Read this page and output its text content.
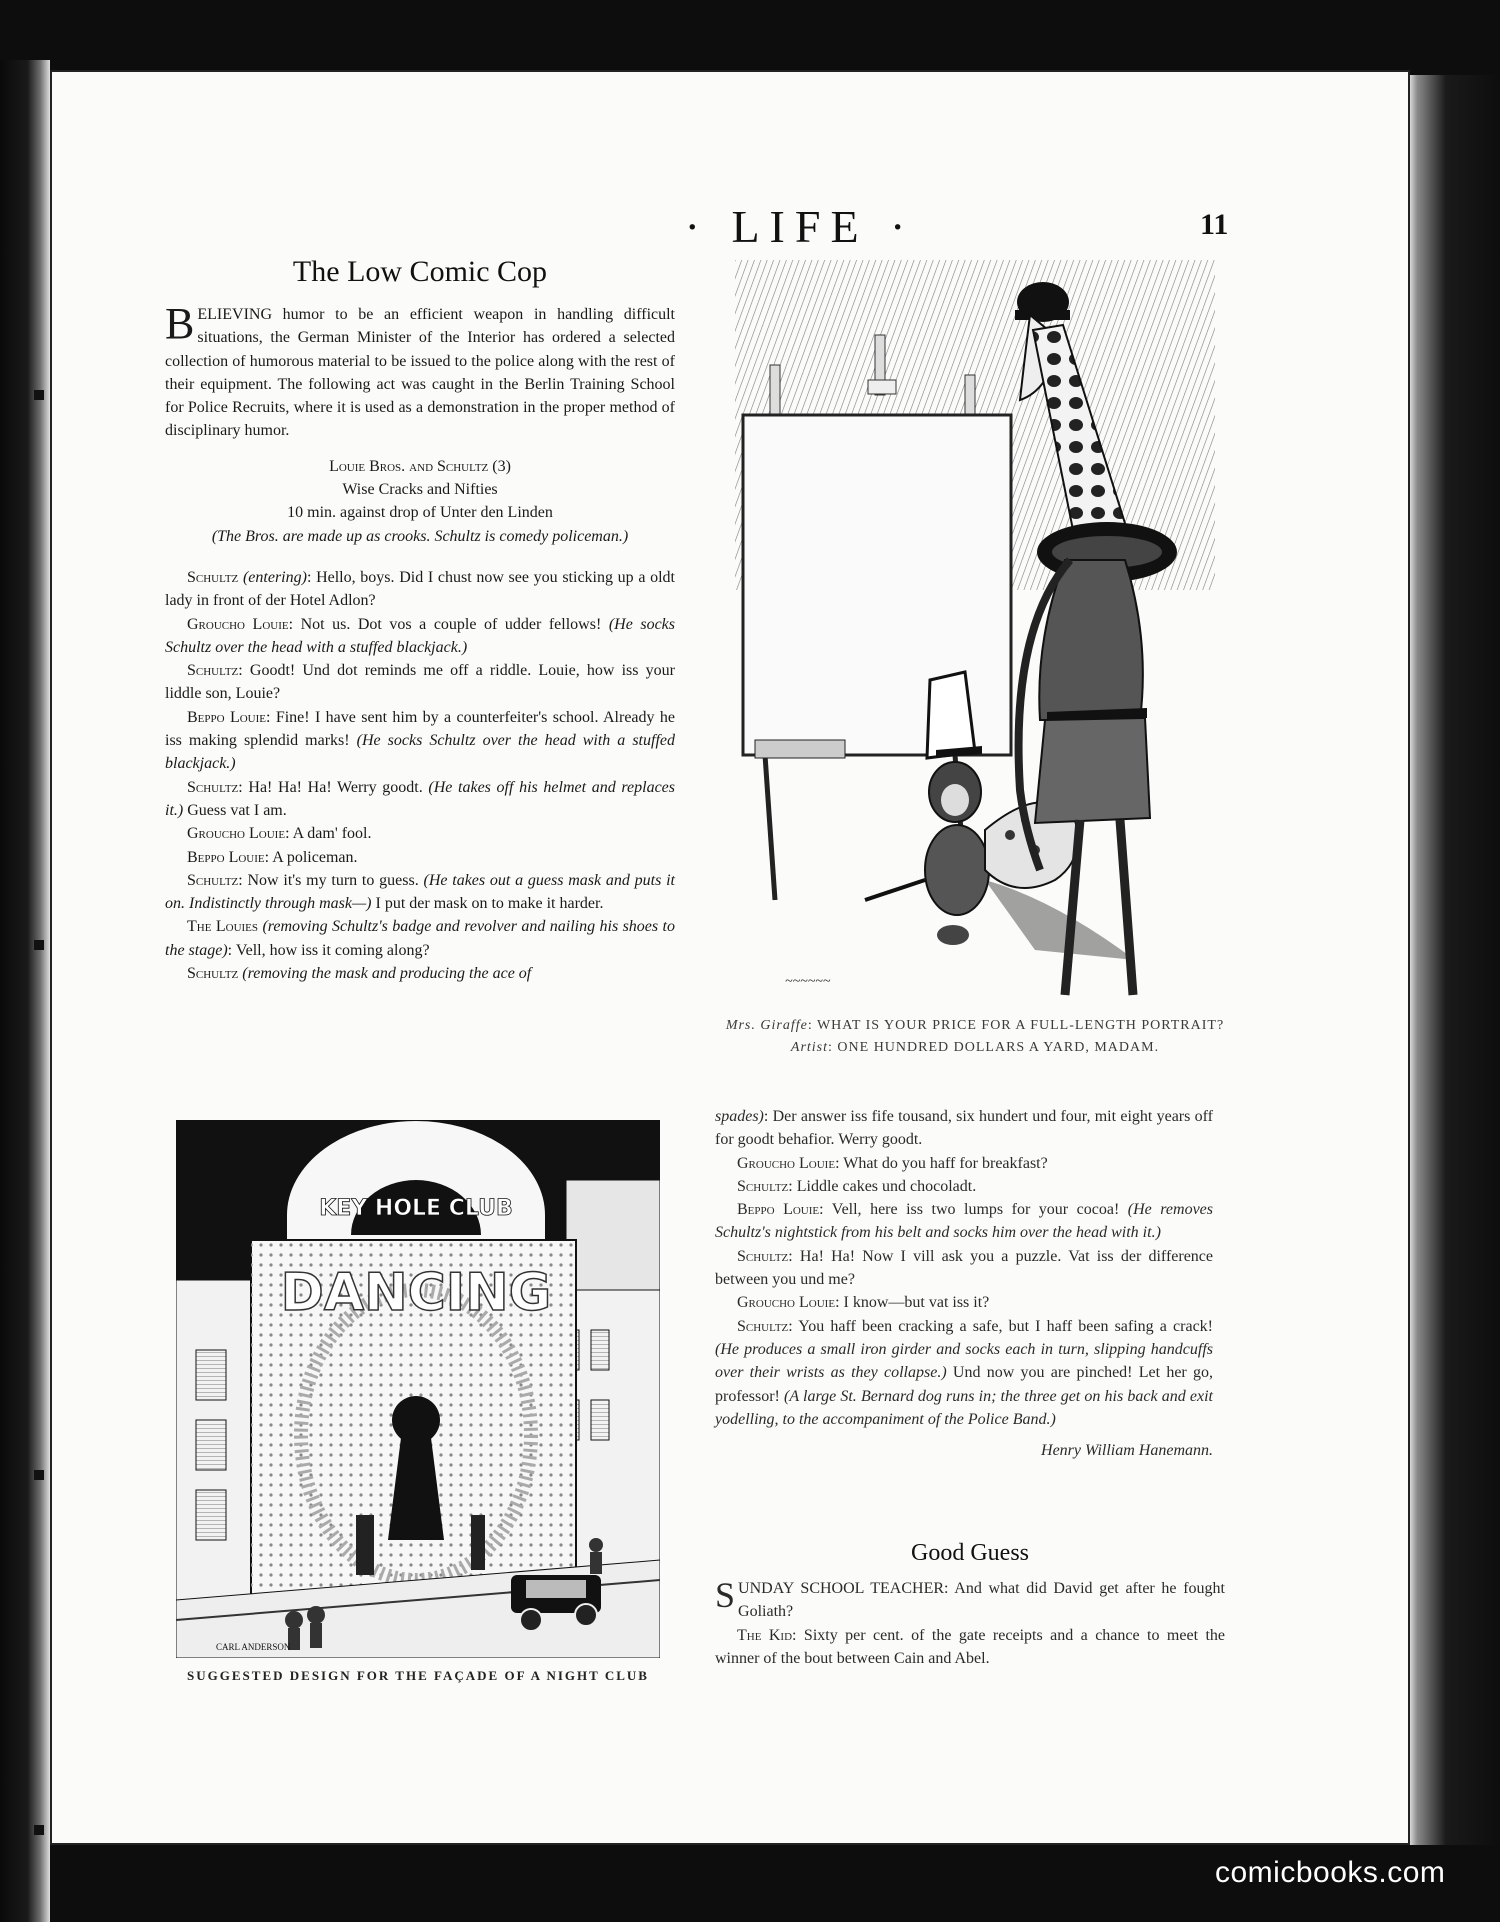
· LIFE ·	11
The Low Comic Cop

BELIEVING humor to be an efficient weapon in handling difficult situations, the German Minister of the Interior has ordered a selected collection of humorous material to be issued to the police along with the rest of their equipment. The following act was caught in the Berlin Training School for Police Recruits, where it is used as a demonstration in the proper method of disciplinary humor.

Louie Bros. and Schultz (3)
Wise Cracks and Nifties
10 min. against drop of Unter den Linden
(The Bros. are made up as crooks. Schultz is comedy policeman.)

Schultz (entering): Hello, boys. Did I chust now see you sticking up a oldt lady in front of der Hotel Adlon?

Groucho Louie: Not us. Dot vos a couple of udder fellows! (He socks Schultz over the head with a stuffed blackjack.)

Schultz: Goodt! Und dot reminds me off a riddle. Louie, how iss your liddle son, Louie?

Beppo Louie: Fine! I have sent him by a counterfeiter's school. Already he iss making splendid marks! (He socks Schultz over the head with a stuffed blackjack.)

Schultz: Ha! Ha! Ha! Werry goodt. (He takes off his helmet and replaces it.) Guess vat I am.

Groucho Louie: A dam' fool.

Beppo Louie: A policeman.

Schultz: Now it's my turn to guess. (He takes out a guess mask and puts it on. Indistinctly through mask—) I put der mask on to make it harder.

The Louies (removing Schultz's badge and revolver and nailing his shoes to the stage): Vell, how iss it coming along?

Schultz (removing the mask and producing the ace of	~~~~~~
Mrs. Giraffe: WHAT IS YOUR PRICE FOR A FULL-LENGTH PORTRAIT?
Artist: ONE HUNDRED DOLLARS A YARD, MADAM.
KEY HOLE CLUB
DANCING
CARL ANDERSON
SUGGESTED DESIGN FOR THE FAÇADE OF A NIGHT CLUB

spades): Der answer iss fife tousand, six hundert und four, mit eight years off for goodt behafior. Werry goodt.

Groucho Louie: What do you haff for breakfast?

Schultz: Liddle cakes und chocoladt.

Beppo Louie: Vell, here iss two lumps for your cocoa! (He removes Schultz's nightstick from his belt and socks him over the head with it.)

Schultz: Ha! Ha! Now I vill ask you a puzzle. Vat iss der difference between you und me?

Groucho Louie: I know—but vat iss it?

Schultz: You haff been cracking a safe, but I haff been safing a crack! (He produces a small iron girder and socks each in turn, slipping handcuffs over their wrists as they collapse.) Und now you are pinched! Let her go, professor! (A large St. Bernard dog runs in; the three get on his back and exit yodelling, to the accompaniment of the Police Band.)

Henry William Hanemann.

Good Guess

SUNDAY SCHOOL TEACHER: And what did David get after he fought Goliath?

The Kid: Sixty per cent. of the gate receipts and a chance to meet the winner of the bout between Cain and Abel.

comicbooks.com
